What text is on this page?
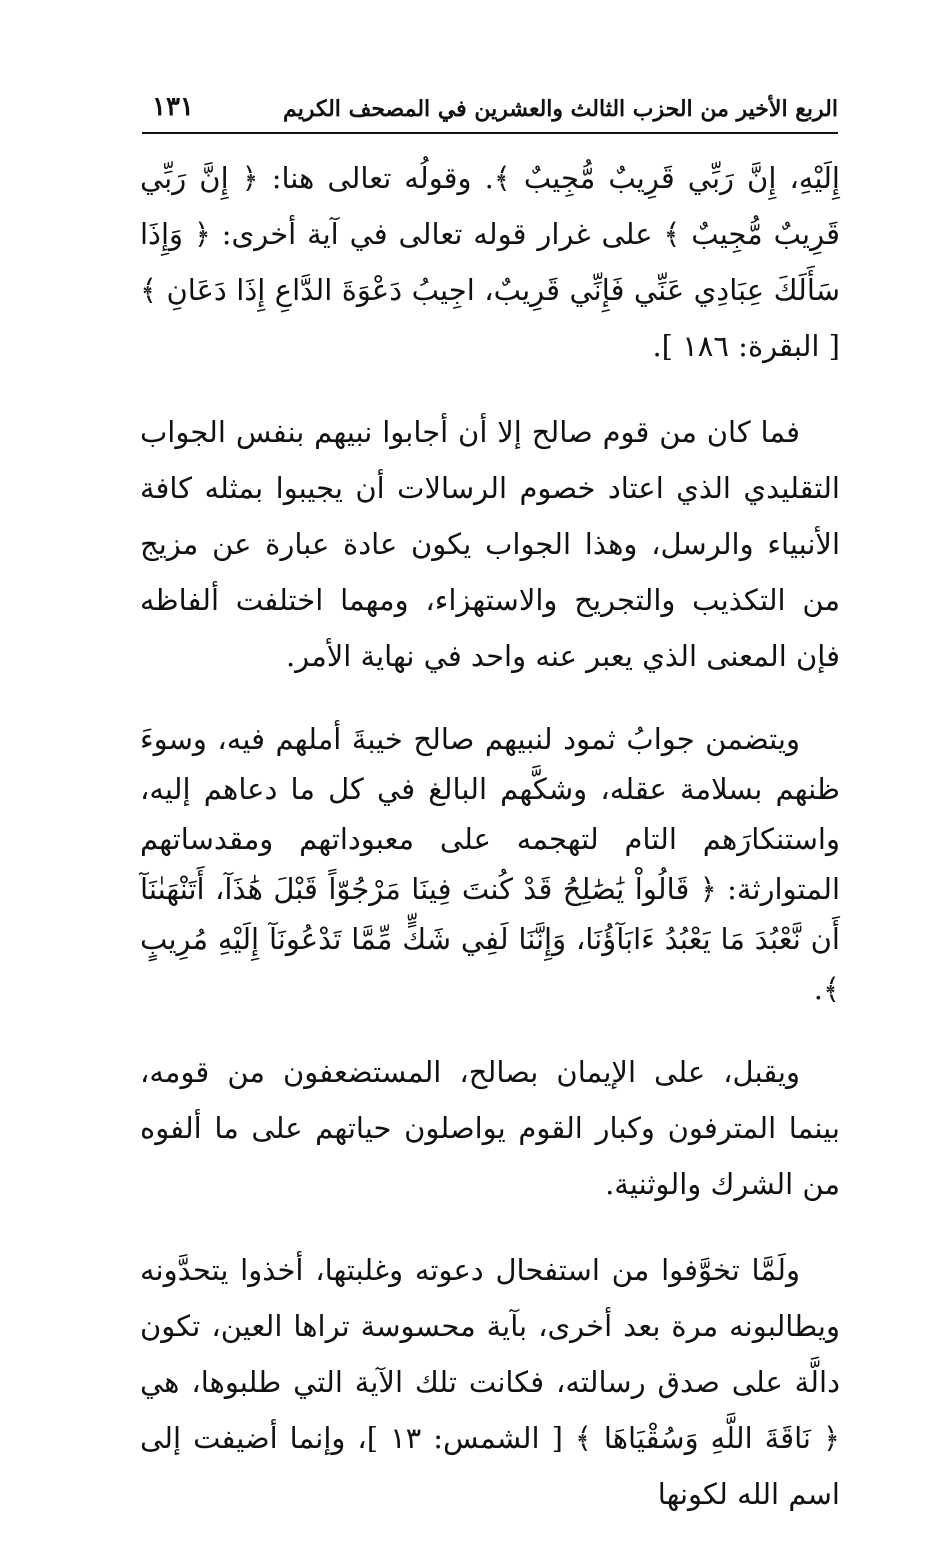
الربع الأخير من الحزب الثالث والعشرين في المصحف الكريم
١٣١

إِلَيْهِ، إِنَّ رَبِّي قَرِيبٌ مُّجِيبٌ ﴾. وقولُه تعالى هنا: ﴿ إِنَّ رَبِّي قَرِيبٌ مُّجِيبٌ ﴾ على غرار قوله تعالى في آية أخرى: ﴿ وَإِذَا سَأَلَكَ عِبَادِي عَنِّي فَإِنِّي قَرِيبٌ، اجِيبُ دَعْوَةَ الدَّاعِ إِذَا دَعَانِ ﴾ [ البقرة: ١٨٦ ].

فما كان من قوم صالح إلا أن أجابوا نبيهم بنفس الجواب التقليدي الذي اعتاد خصوم الرسالات أن يجيبوا بمثله كافة الأنبياء والرسل، وهذا الجواب يكون عادة عبارة عن مزيج من التكذيب والتجريح والاستهزاء، ومهما اختلفت ألفاظه فإن المعنى الذي يعبر عنه واحد في نهاية الأمر.

ويتضمن جوابُ ثمود لنبيهم صالح خيبةَ أملهم فيه، وسوءَ ظنهم بسلامة عقله، وشكَّهم البالغ في كل ما دعاهم إليه، واستنكارَهم التام لتهجمه على معبوداتهم ومقدساتهم المتوارثة: ﴿ قَالُواْ يَٰصَٰلِحُ قَدْ كُنتَ فِينَا مَرْجُوّاً قَبْلَ هَٰذَآ، أَتَنْهَىٰنَآ أَن نَّعْبُدَ مَا يَعْبُدُ ءَابَآؤُنَا، وَإِنَّنَا لَفِي شَكٍّ مِّمَّا تَدْعُونَآ إِلَيْهِ مُرِيبٍ ﴾.

ويقبل، على الإيمان بصالح، المستضعفون من قومه، بينما المترفون وكبار القوم يواصلون حياتهم على ما ألفوه من الشرك والوثنية.

ولَمَّا تخوَّفوا من استفحال دعوته وغلبتها، أخذوا يتحدَّونه ويطالبونه مرة بعد أخرى، بآية محسوسة تراها العين، تكون دالَّة على صدق رسالته، فكانت تلك الآية التي طلبوها، هي ﴿ نَاقَةَ اللَّهِ وَسُقْيَاهَا ﴾ [ الشمس: ١٣ ]، وإنما أضيفت إلى اسم الله لكونها
